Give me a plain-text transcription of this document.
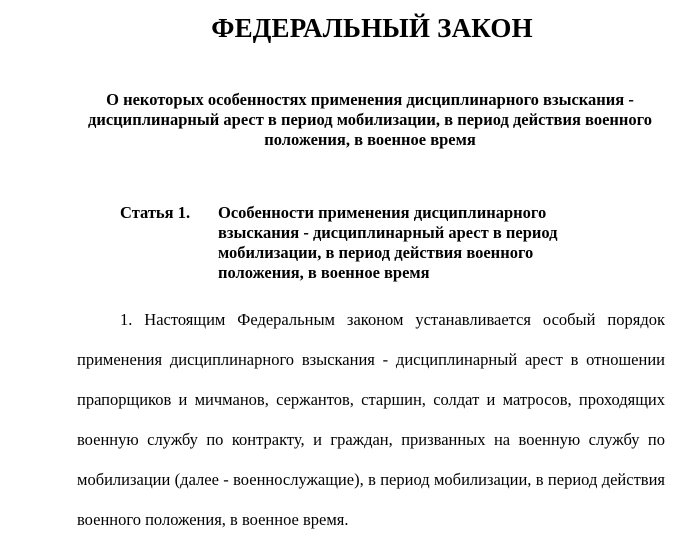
ФЕДЕРАЛЬНЫЙ ЗАКОН
О некоторых особенностях применения дисциплинарного взыскания - дисциплинарный арест в период мобилизации, в период действия военного положения, в военное время
Статья 1. Особенности применения дисциплинарного взыскания - дисциплинарный арест в период мобилизации, в период действия военного положения, в военное время

1. Настоящим Федеральным законом устанавливается особый порядок применения дисциплинарного взыскания - дисциплинарный арест в отношении прапорщиков и мичманов, сержантов, старшин, солдат и матросов, проходящих военную службу по контракту, и граждан, призванных на военную службу по мобилизации (далее - военнослужащие), в период мобилизации, в период действия военного положения, в военное время.
